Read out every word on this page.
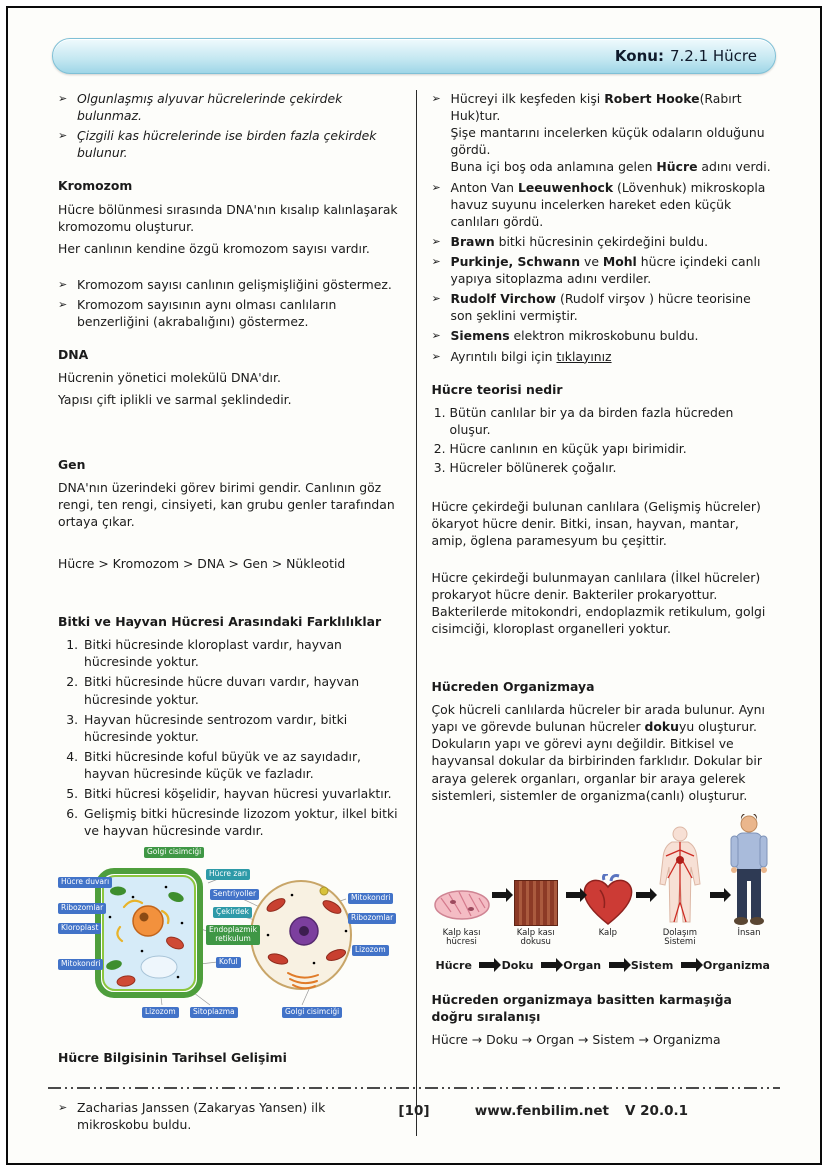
Konu: 7.2.1 Hücre
➢ Olgunlaşmış alyuvar hücrelerinde çekirdek bulunmaz.
➢ Çizgili kas hücrelerinde ise birden fazla çekirdek bulunur.
Kromozom
Hücre bölünmesi sırasında DNA'nın kısalıp kalınlaşarak kromozomu oluşturur.
Her canlının kendine özgü kromozom sayısı vardır.
➢ Kromozom sayısı canlının gelişmişliğini göstermez.
➢ Kromozom sayısının aynı olması canlıların benzerliğini (akrabalığını) göstermez.
DNA
Hücrenin yönetici molekülü DNA'dır.
Yapısı çift iplikli ve sarmal şeklindedir.
Gen
DNA'nın üzerindeki görev birimi gendir. Canlının göz rengi, ten rengi, cinsiyeti, kan grubu genler tarafından ortaya çıkar.
Hücre > Kromozom > DNA > Gen > Nükleotid
Bitki ve Hayvan Hücresi Arasındaki Farklılıklar
1. Bitki hücresinde kloroplast vardır, hayvan hücresinde yoktur.
2. Bitki hücresinde hücre duvarı vardır, hayvan hücresinde yoktur.
3. Hayvan hücresinde sentrozom vardır, bitki hücresinde yoktur.
4. Bitki hücresinde koful büyük ve az sayıdadır, hayvan hücresinde küçük ve fazladır.
5. Bitki hücresi köşelidir, hayvan hücresi yuvarlaktır.
6. Gelişmiş bitki hücresinde lizozom yoktur, ilkel bitki ve hayvan hücresinde vardır.
Golgi cisimciği
Hücre duvarı
Ribozomlar
Kloroplast
Mitokondri
Lizozom
Hücre zarı
Sentriyoller
Çekirdek
Endoplazmik retikulum
Koful
Sitoplazma
Mitokondri
Ribozomlar
Lizozom
Golgi cisimciği
Hücre Bilgisinin Tarihsel Gelişimi
➢ Zacharias Janssen (Zakaryas Yansen) ilk mikroskobu buldu.
➢ Hücreyi ilk keşfeden kişi Robert Hooke(Rabırt Huk)tur.
Şişe mantarını incelerken küçük odaların olduğunu gördü.
Buna içi boş oda anlamına gelen Hücre adını verdi.
➢ Anton Van Leeuwenhock (Lövenhuk) mikroskopla havuz suyunu incelerken hareket eden küçük canlıları gördü.
➢ Brawn bitki hücresinin çekirdeğini buldu.
➢ Purkinje, Schwann ve Mohl hücre içindeki canlı yapıya sitoplazma adını verdiler.
➢ Rudolf Virchow (Rudolf virşov ) hücre teorisine son şeklini vermiştir.
➢ Siemens elektron mikroskobunu buldu.
➢ Ayrıntılı bilgi için tıklayınız
Hücre teorisi nedir
1. Bütün canlılar bir ya da birden fazla hücreden oluşur.
2. Hücre canlının en küçük yapı birimidir.
3. Hücreler bölünerek çoğalır.
Hücre çekirdeği bulunan canlılara (Gelişmiş hücreler) ökaryot hücre denir. Bitki, insan, hayvan, mantar, amip, öglena paramesyum bu çeşittir.
Hücre çekirdeği bulunmayan canlılara (İlkel hücreler) prokaryot hücre denir. Bakteriler prokaryottur. Bakterilerde mitokondri, endoplazmik retikulum, golgi cisimciği, kloroplast organelleri yoktur.
Hücreden Organizmaya
Çok hücreli canlılarda hücreler bir arada bulunur. Aynı yapı ve görevde bulunan hücreler dokuyu oluşturur. Dokuların yapı ve görevi aynı değildir. Bitkisel ve hayvansal dokular da birbirinden farklıdır. Dokular bir araya gelerek organları, organlar bir araya gelerek sistemleri, sistemler de organizma(canlı) oluşturur.
Kalp kası hücresi
Kalp kası dokusu
Kalp	Dolaşım Sistemi
İnsan
Hücre	Doku	Organ	Sistem	Organizma
Hücreden organizmaya basitten karmaşığa doğru sıralanışı
Hücre → Doku → Organ → Sistem → Organizma
[10]	www.fenbilim.net V 20.0.1
